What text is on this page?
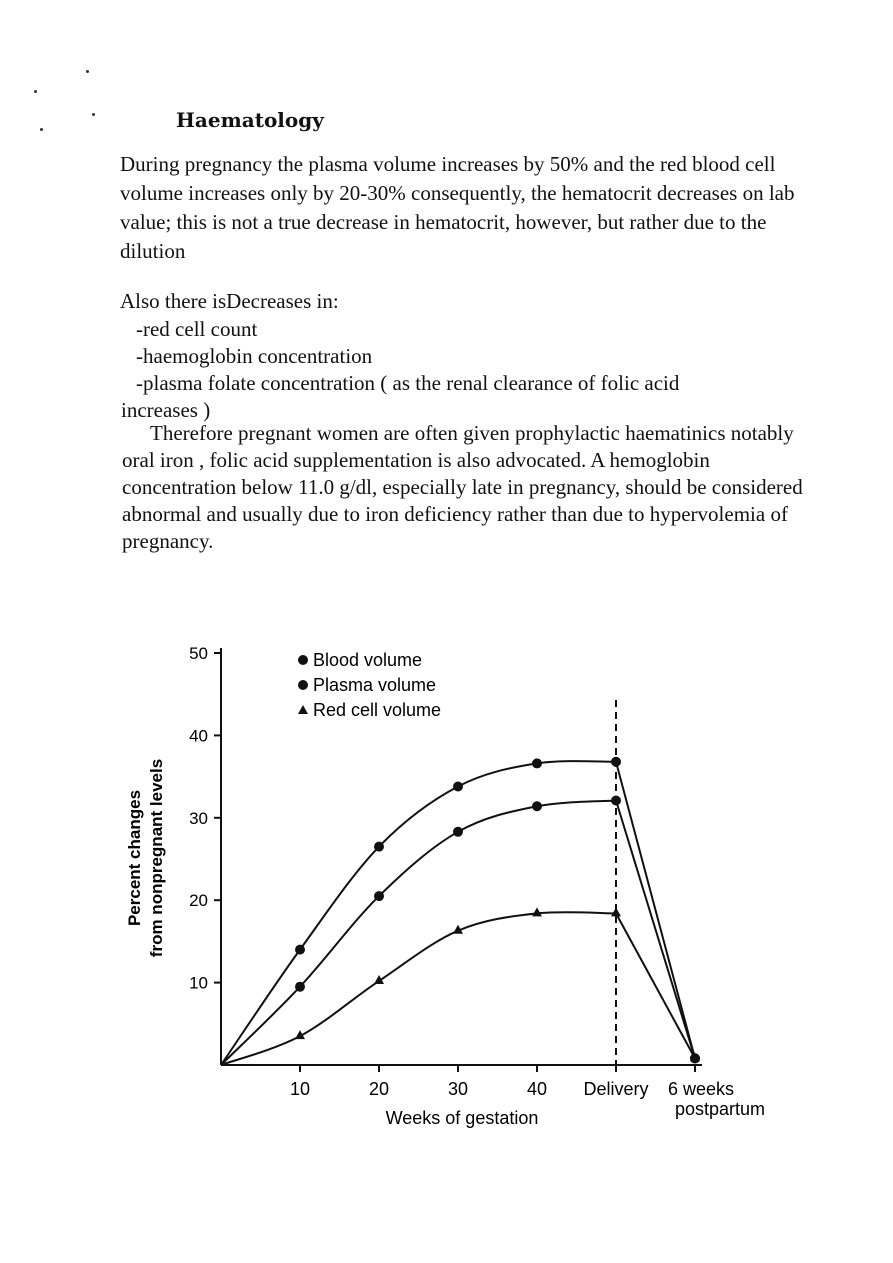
Haematology
During pregnancy the plasma volume increases by 50% and the red blood cell volume increases only by 20-30% consequently, the hematocrit decreases on lab value; this is not a true decrease in hematocrit, however, but rather due to the dilution
Also there isDecreases in:
-red cell count
-haemoglobin concentration
-plasma folate concentration ( as the renal clearance of folic acid
increases )
Therefore pregnant women are often given prophylactic haematinics notably oral iron , folic acid supplementation is also advocated. A hemoglobin concentration below 11.0 g/dl, especially late in pregnancy, should be considered abnormal and usually due to iron deficiency rather than due to hypervolemia of pregnancy.
10
20
30
40
50
10	20	30	40 Delivery 6 weeks
Percent changes from nonpregnant levels
Weeks of gestation	postpartum
Blood volume
Plasma volume
Red cell volume
